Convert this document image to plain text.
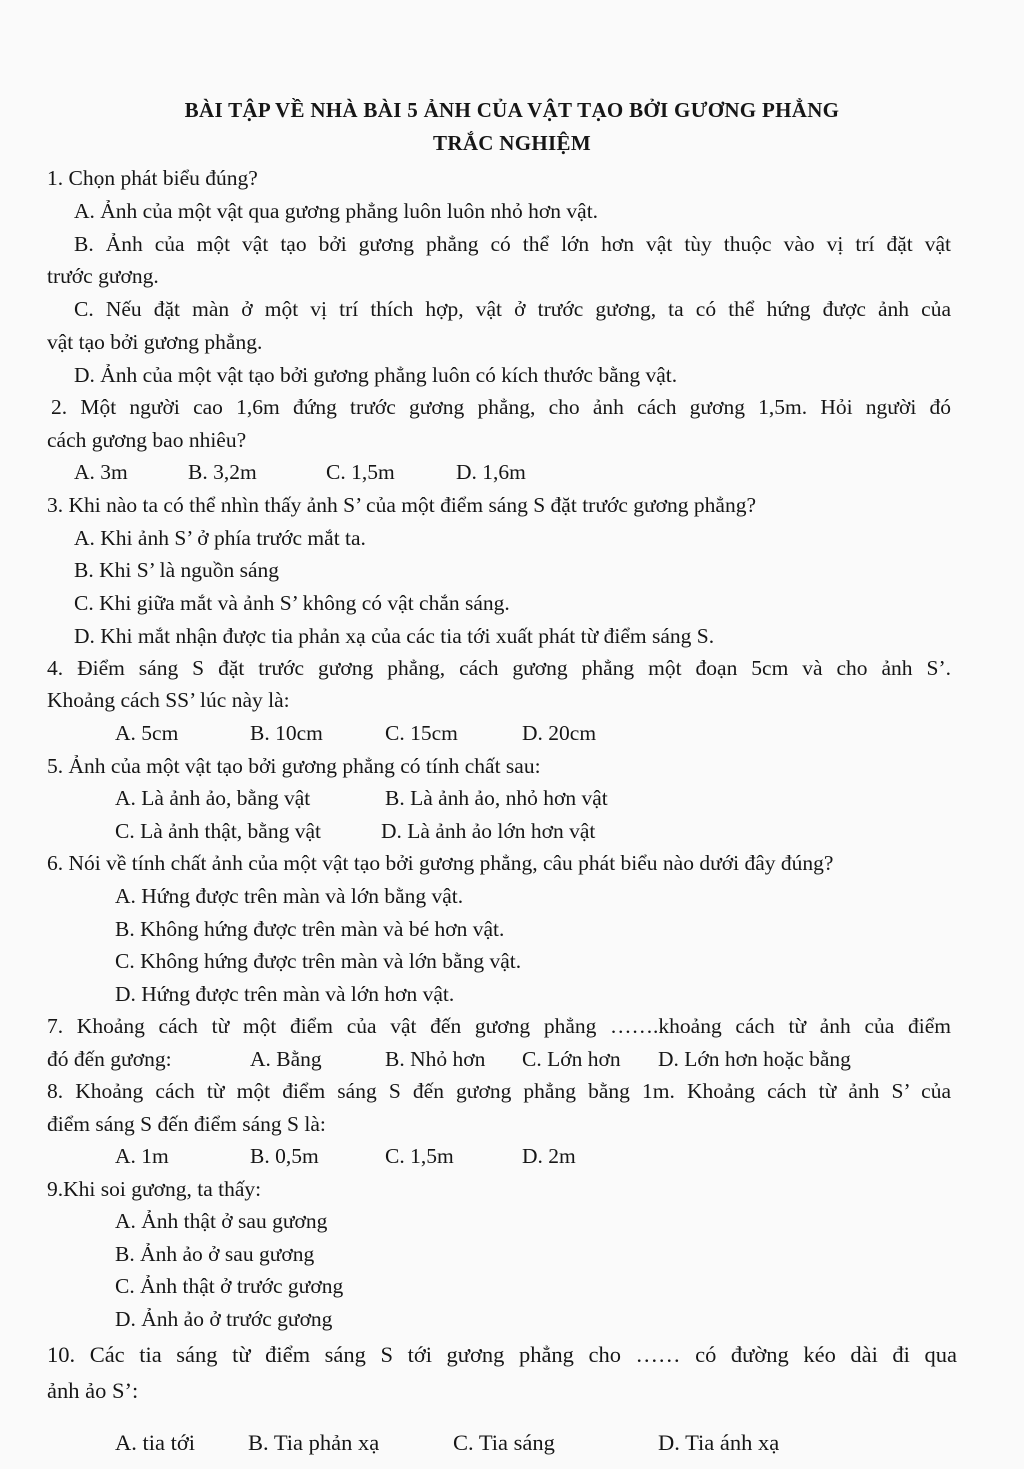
BÀI TẬP VỀ NHÀ BÀI 5 ẢNH CỦA VẬT TẠO BỞI GƯƠNG PHẲNG
TRẮC NGHIỆM
1. Chọn phát biểu đúng?
A. Ảnh của một vật qua gương phẳng luôn luôn nhỏ hơn vật.
B. Ảnh của một vật tạo bởi gương phẳng có thể lớn hơn vật tùy thuộc vào vị trí đặt vật
trước gương.
C. Nếu đặt màn ở một vị trí thích hợp, vật ở trước gương, ta có thể hứng được ảnh của
vật tạo bởi gương phẳng.
D. Ảnh của một vật tạo bởi gương phẳng luôn có kích thước bằng vật.
2. Một người cao 1,6m đứng trước gương phẳng, cho ảnh cách gương 1,5m. Hỏi người đó
cách gương bao nhiêu?
A. 3m	B. 3,2m	C. 1,5m	D. 1,6m
3. Khi nào ta có thể nhìn thấy ảnh S’ của một điểm sáng S đặt trước gương phẳng?
A. Khi ảnh S’ ở phía trước mắt ta.
B. Khi S’ là nguồn sáng
C. Khi giữa mắt và ảnh S’ không có vật chắn sáng.
D. Khi mắt nhận được tia phản xạ của các tia tới xuất phát từ điểm sáng S.
4. Điểm sáng S đặt trước gương phẳng, cách gương phẳng một đoạn 5cm và cho ảnh S’.
Khoảng cách SS’ lúc này là:
A. 5cm	B. 10cm	C. 15cm	D. 20cm
5. Ảnh của một vật tạo bởi gương phẳng có tính chất sau:
A. Là ảnh ảo, bằng vật	B. Là ảnh ảo, nhỏ hơn vật
C. Là ảnh thật, bằng vật	D. Là ảnh ảo lớn hơn vật
6. Nói về tính chất ảnh của một vật tạo bởi gương phẳng, câu phát biểu nào dưới đây đúng?
A. Hứng được trên màn và lớn bằng vật.
B. Không hứng được trên màn và bé hơn vật.
C. Không hứng được trên màn và lớn bằng vật.
D. Hứng được trên màn và lớn hơn vật.
7. Khoảng cách từ một điểm của vật đến gương phẳng …….khoảng cách từ ảnh của điểm
đó đến gương:	A. Bằng	B. Nhỏ hơn C. Lớn hơn D. Lớn hơn hoặc bằng
8. Khoảng cách từ một điểm sáng S đến gương phẳng bằng 1m. Khoảng cách từ ảnh S’ của
điểm sáng S đến điểm sáng S là:
A. 1m	B. 0,5m	C. 1,5m	D. 2m
9.Khi soi gương, ta thấy:
A. Ảnh thật ở sau gương
B. Ảnh ảo ở sau gương
C. Ảnh thật ở trước gương
D. Ảnh ảo ở trước gương
10. Các tia sáng từ điểm sáng S tới gương phẳng cho …… có đường kéo dài đi qua
ảnh ảo S’:
A. tia tới B. Tia phản xạ	C. Tia sáng	D. Tia ánh xạ
